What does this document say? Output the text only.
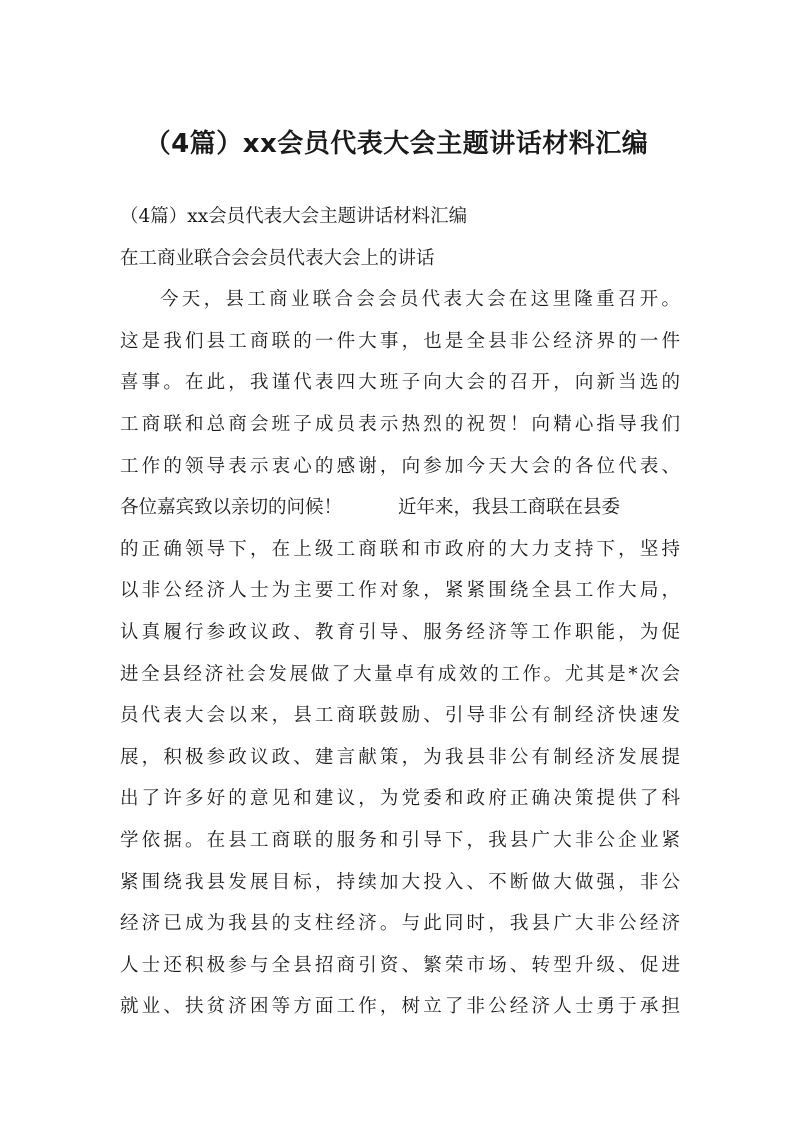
（4篇）xx会员代表大会主题讲话材料汇编
（4篇）xx会员代表大会主题讲话材料汇编
在工商业联合会会员代表大会上的讲话
今天，县工商业联合会会员代表大会在这里隆重召开。
这是我们县工商联的一件大事，也是全县非公经济界的一件
喜事。在此，我谨代表四大班子向大会的召开，向新当选的
工商联和总商会班子成员表示热烈的祝贺！向精心指导我们
工作的领导表示衷心的感谢，向参加今天大会的各位代表、
各位嘉宾致以亲切的问候！	近年来，我县工商联在县委
的正确领导下，在上级工商联和市政府的大力支持下，坚持
以非公经济人士为主要工作对象，紧紧围绕全县工作大局，
认真履行参政议政、教育引导、服务经济等工作职能，为促
进全县经济社会发展做了大量卓有成效的工作。尤其是*次会
员代表大会以来，县工商联鼓励、引导非公有制经济快速发
展，积极参政议政、建言献策，为我县非公有制经济发展提
出了许多好的意见和建议，为党委和政府正确决策提供了科
学依据。在县工商联的服务和引导下，我县广大非公企业紧
紧围绕我县发展目标，持续加大投入、不断做大做强，非公
经济已成为我县的支柱经济。与此同时，我县广大非公经济
人士还积极参与全县招商引资、繁荣市场、转型升级、促进
就业、扶贫济困等方面工作，树立了非公经济人士勇于承担
